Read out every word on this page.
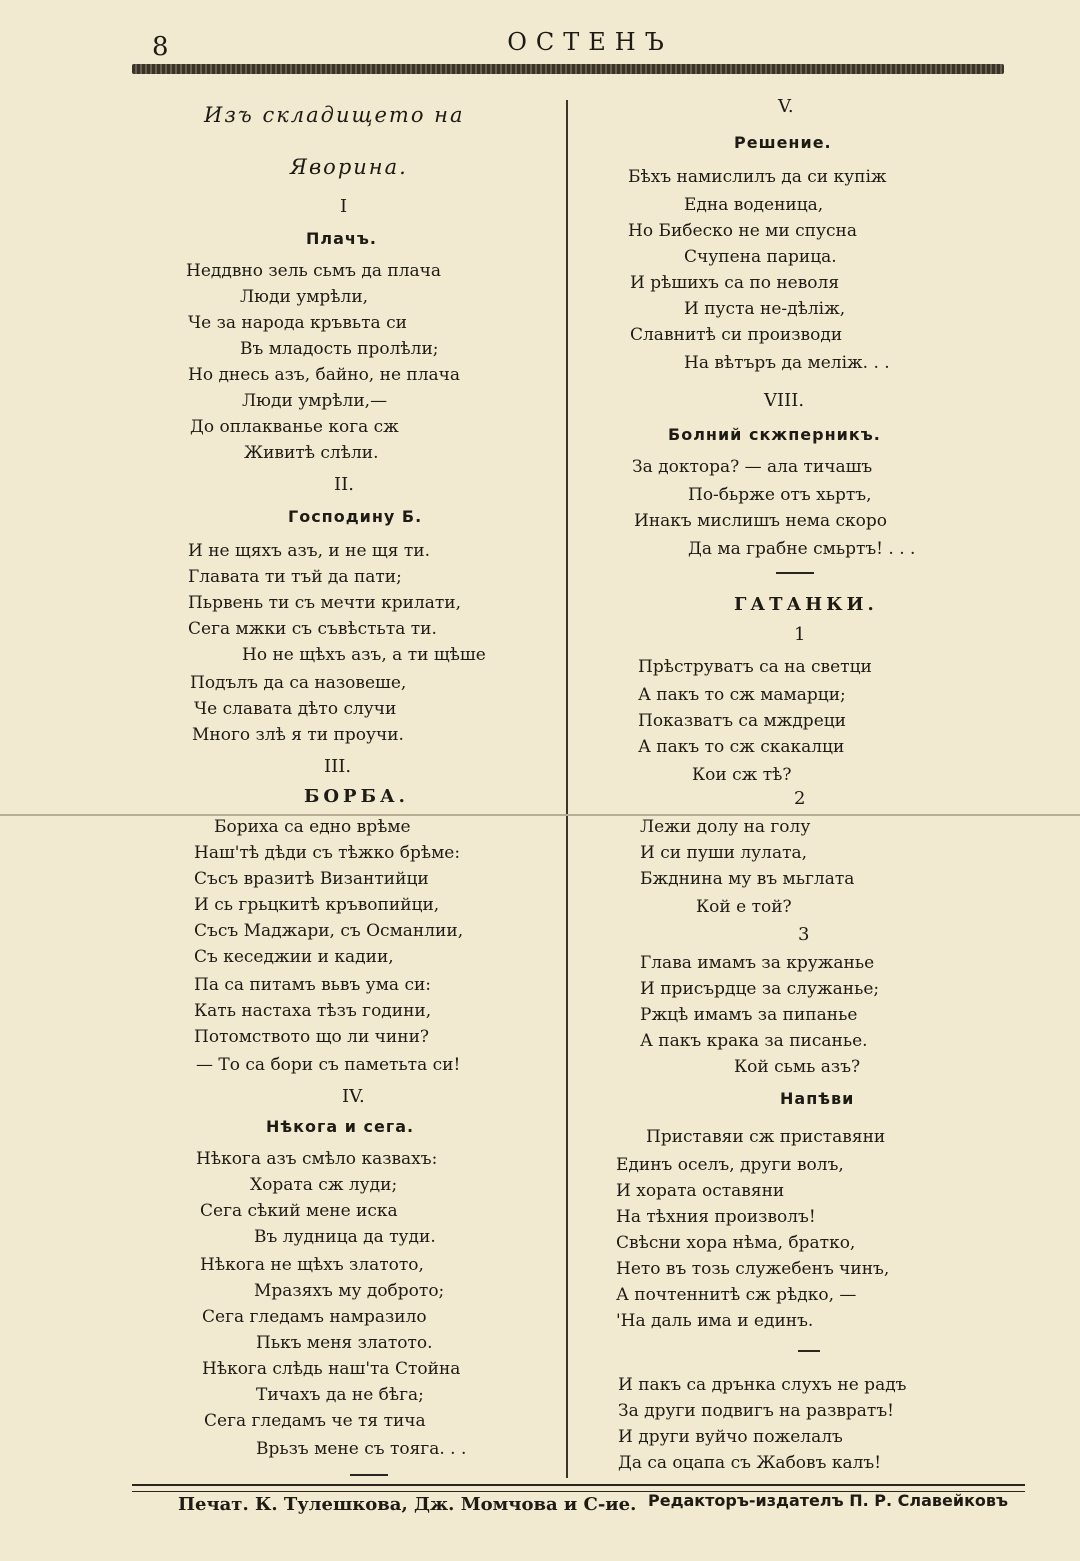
8	ОСТЕНЪ
Изъ складището на
Яворина.
I
Плачъ.
Неддвно зель сьмъ да плача
Люди умрѣли,
Че за народа кръвьта си
Въ младость пролѣли;
Но днесь азъ, байно, не плача
Люди умрѣли,—
До оплакванье кога сж
Живитѣ слѣли.
II.
Господину Б.
И не щяхъ азъ, и не щя ти.
Главата ти тъй да пати;
Пьрвень ти съ мечти крилати,
Сега мжки съ съвѣстьта ти.
Но не щѣхъ азъ, а ти щѣше
Подълъ да са назовеше,
Че славата дѣто случи
Много злѣ я ти проучи.
III.
БОРБА.
Бориха са едно врѣме
Наш'тѣ дѣди съ тѣжко брѣме:
Съсъ вразитѣ Византийци
И сь грьцкитѣ кръвопийци,
Съсъ Маджари, съ Османлии,
Съ кеседжии и кадии,
Па са питамъ вьвъ ума си:
Кать настаха тѣзъ години,
Потомството що ли чини?
— То са бори съ паметьта си!
IV.
Нѣкога и сега.
Нѣкога азъ смѣло казвахъ:
Хората сж луди;
Сега сѣкий мене иска
Въ лудница да туди.
Нѣкога не щѣхъ златото,
Мразяхъ му доброто;
Сега гледамъ намразило
Пькъ меня златото.
Нѣкога слѣдь наш'та Стойна
Тичахъ да не бѣга;
Сега гледамъ че тя тича
Врьзъ мене съ тояга. . .
V.
Решение.
Бѣхъ намислилъ да си купіж
Една воденица,
Но Бибеско не ми спусна
Счупена парица.
И рѣшихъ са по неволя
И пуста не-дѣліж,
Славнитѣ си производи
На вѣтъръ да меліж. . .
VIII.
Болний скжперникъ.
За доктора? — ала тичашъ
По-бьрже отъ хьртъ,
Инакъ мислишъ нема скоро
Да ма грабне смьртъ! . . .
ГАТАНКИ.
1
Прѣструватъ са на светци
А пакъ то сж мамарци;
Показватъ са мждреци
А пакъ то сж скакалци
Кои сж тѣ?
2
Лежи долу на голу
И си пуши лулата,
Бжднина му въ мьглата
Кой е той?
3
Глава имамъ за кружанье
И присърдце за служанье;
Ржцѣ имамъ за пипанье
А пакъ крака за писанье.
Кой сьмь азъ?
Напѣви
Приставяи сж приставяни
Единъ оселъ, други волъ,
И хората оставяни
На тѣхния произволъ!
Свѣсни хора нѣма, братко,
Нето въ тозь служебенъ чинъ,
А почтеннитѣ сж рѣдко, —
'На даль има и единъ.
И пакъ са дрънка слухъ не радъ
За други подвигъ на развратъ!
И други вуйчо пожелалъ
Да са оцапа съ Жабовъ калъ!
Печат. К. Тулешкова, Дж. Момчова и С-ие. Редакторъ-издателъ П. Р. Славейковъ
